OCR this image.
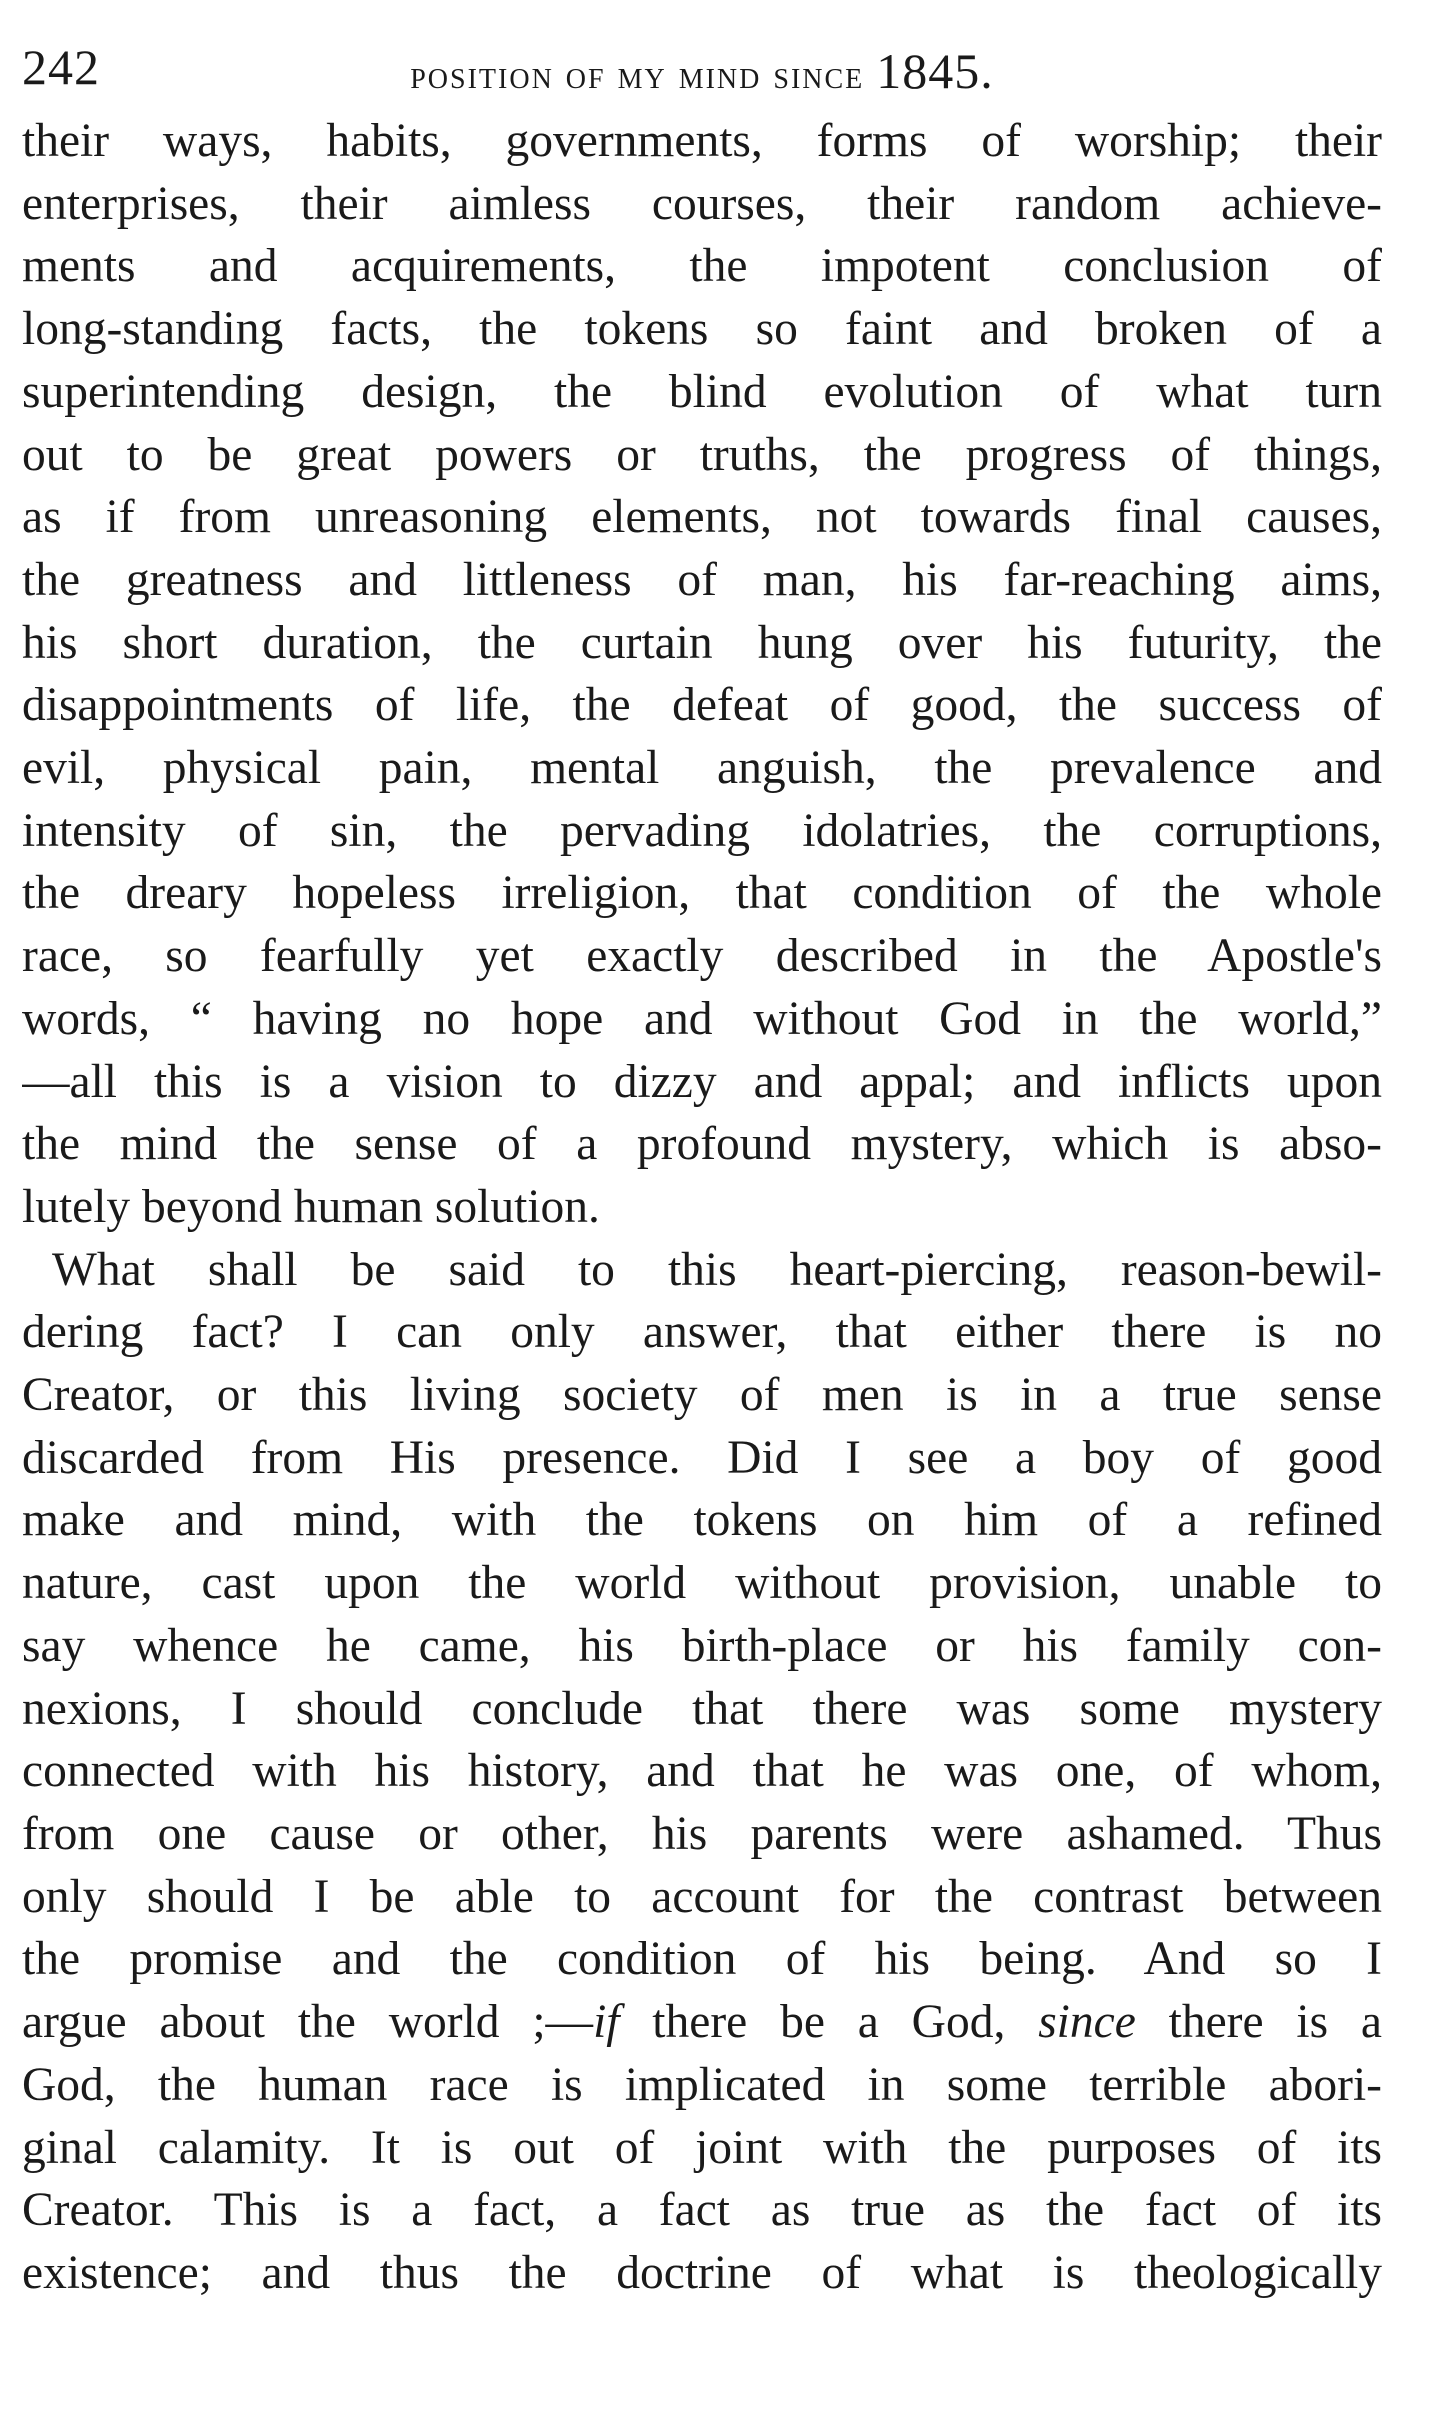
242	position of my mind since 1845.
their ways, habits, governments, forms of worship; their
enterprises, their aimless courses, their random achieve-
ments and acquirements, the impotent conclusion of
long-standing facts, the tokens so faint and broken of a
superintending design, the blind evolution of what turn
out to be great powers or truths, the progress of things,
as if from unreasoning elements, not towards final causes,
the greatness and littleness of man, his far-reaching aims,
his short duration, the curtain hung over his futurity, the
disappointments of life, the defeat of good, the success of
evil, physical pain, mental anguish, the prevalence and
intensity of sin, the pervading idolatries, the corruptions,
the dreary hopeless irreligion, that condition of the whole
race, so fearfully yet exactly described in the Apostle's
words, “ having no hope and without God in the world,”
—all this is a vision to dizzy and appal; and inflicts upon
the mind the sense of a profound mystery, which is abso-
lutely beyond human solution.
What shall be said to this heart-piercing, reason-bewil-
dering fact? I can only answer, that either there is no
Creator, or this living society of men is in a true sense
discarded from His presence. Did I see a boy of good
make and mind, with the tokens on him of a refined
nature, cast upon the world without provision, unable to
say whence he came, his birth-place or his family con-
nexions, I should conclude that there was some mystery
connected with his history, and that he was one, of whom,
from one cause or other, his parents were ashamed. Thus
only should I be able to account for the contrast between
the promise and the condition of his being. And so I
argue about the world ;—if there be a God, since there is a
God, the human race is implicated in some terrible abori-
ginal calamity. It is out of joint with the purposes of its
Creator. This is a fact, a fact as true as the fact of its
existence; and thus the doctrine of what is theologically
